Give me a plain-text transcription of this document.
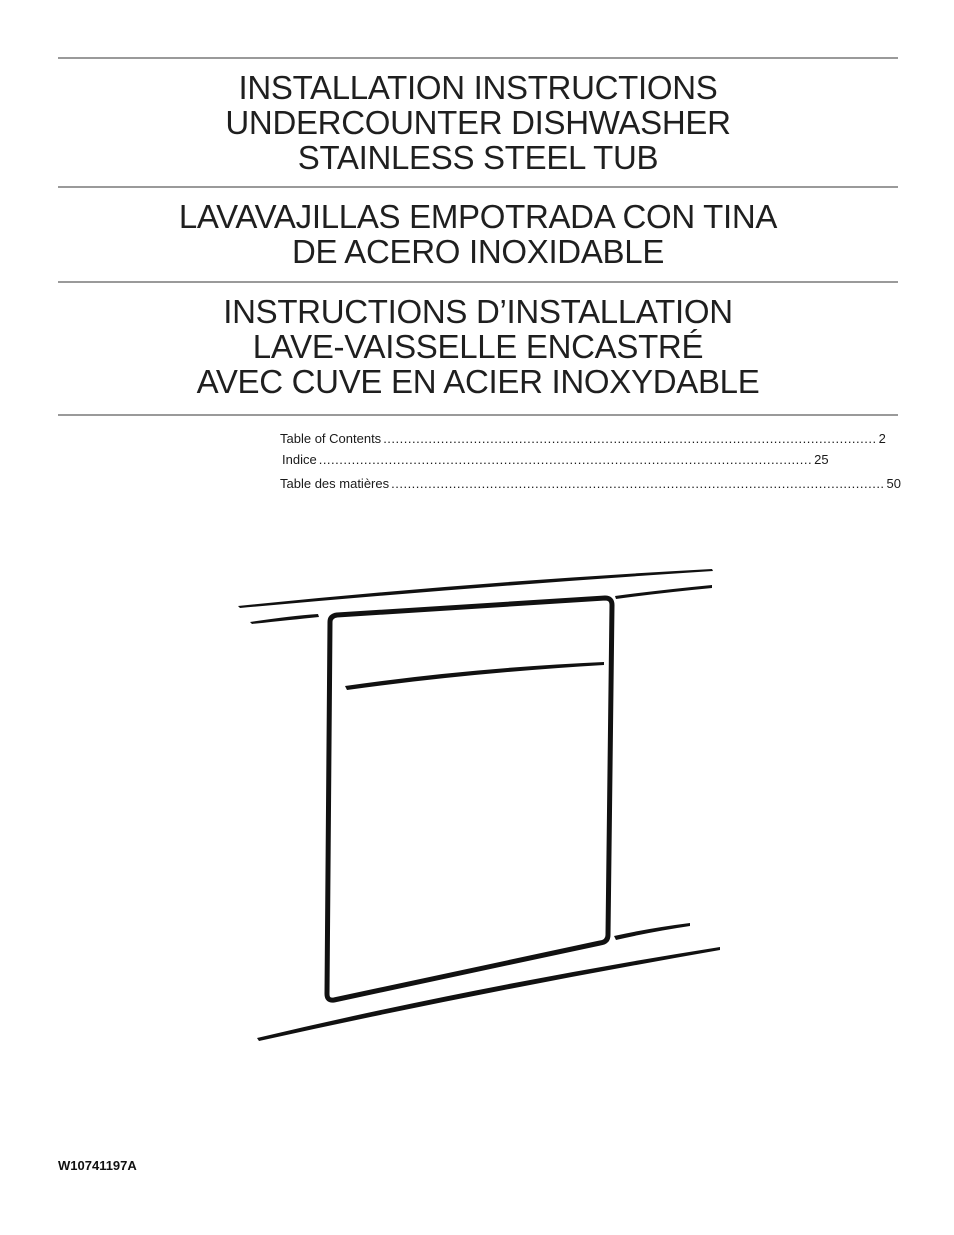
INSTALLATION INSTRUCTIONS
UNDERCOUNTER DISHWASHER
STAINLESS STEEL TUB
LAVAVAJILLAS EMPOTRADA CON TINA
DE ACERO INOXIDABLE
INSTRUCTIONS D’INSTALLATION
LAVE-VAISSELLE ENCASTRÉ
AVEC CUVE EN ACIER INOXYDABLE
Table of Contents ........................................................................................................................ 2
Indice ........................................................................................................................ 25
Table des matières ........................................................................................................................ 50
W10741197A
